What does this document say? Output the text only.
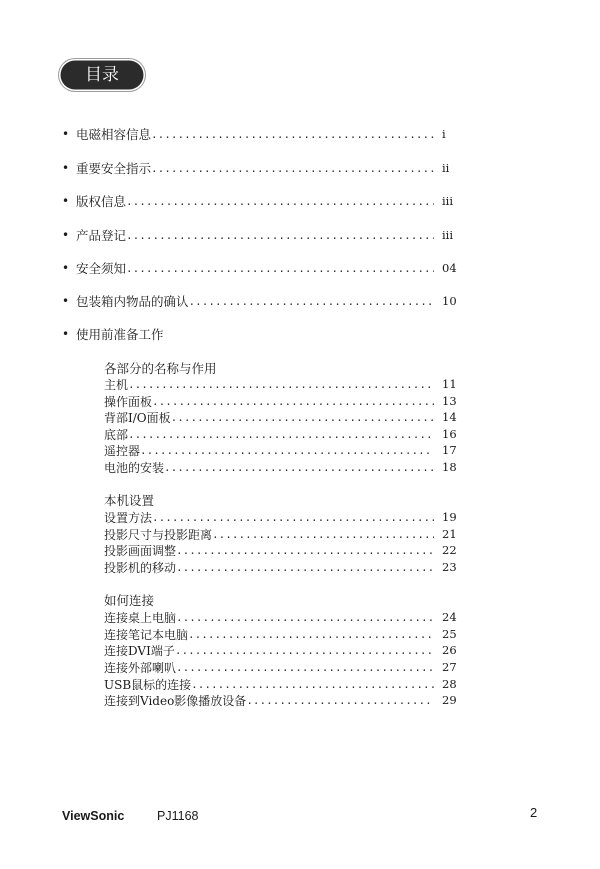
目录
• 电磁相容信息 .....	i
• 重要安全指示 .....	ii
• 版权信息 .....	iii
• 产品登记 .....	iii
• 安全须知 .....	04
• 包装箱内物品的确认 .....	10
• 使用前准备工作
各部分的名称与作用
主机 .....	11
操作面板 .....	13
背部I/O面板 .....	14
底部 .....	16
遥控器 .....	17
电池的安装 .....	18
本机设置
设置方法 .....	19
投影尺寸与投影距离 .....	21
投影画面调整 .....	22
投影机的移动 .....	23
如何连接
连接桌上电脑 .....	24
连接笔记本电脑 .....	25
连接DVI端子 .....	26
连接外部喇叭 .....	27
USB鼠标的连接 .....	28
连接到Video影像播放设备 .....	29
ViewSonic	PJ1168	2
